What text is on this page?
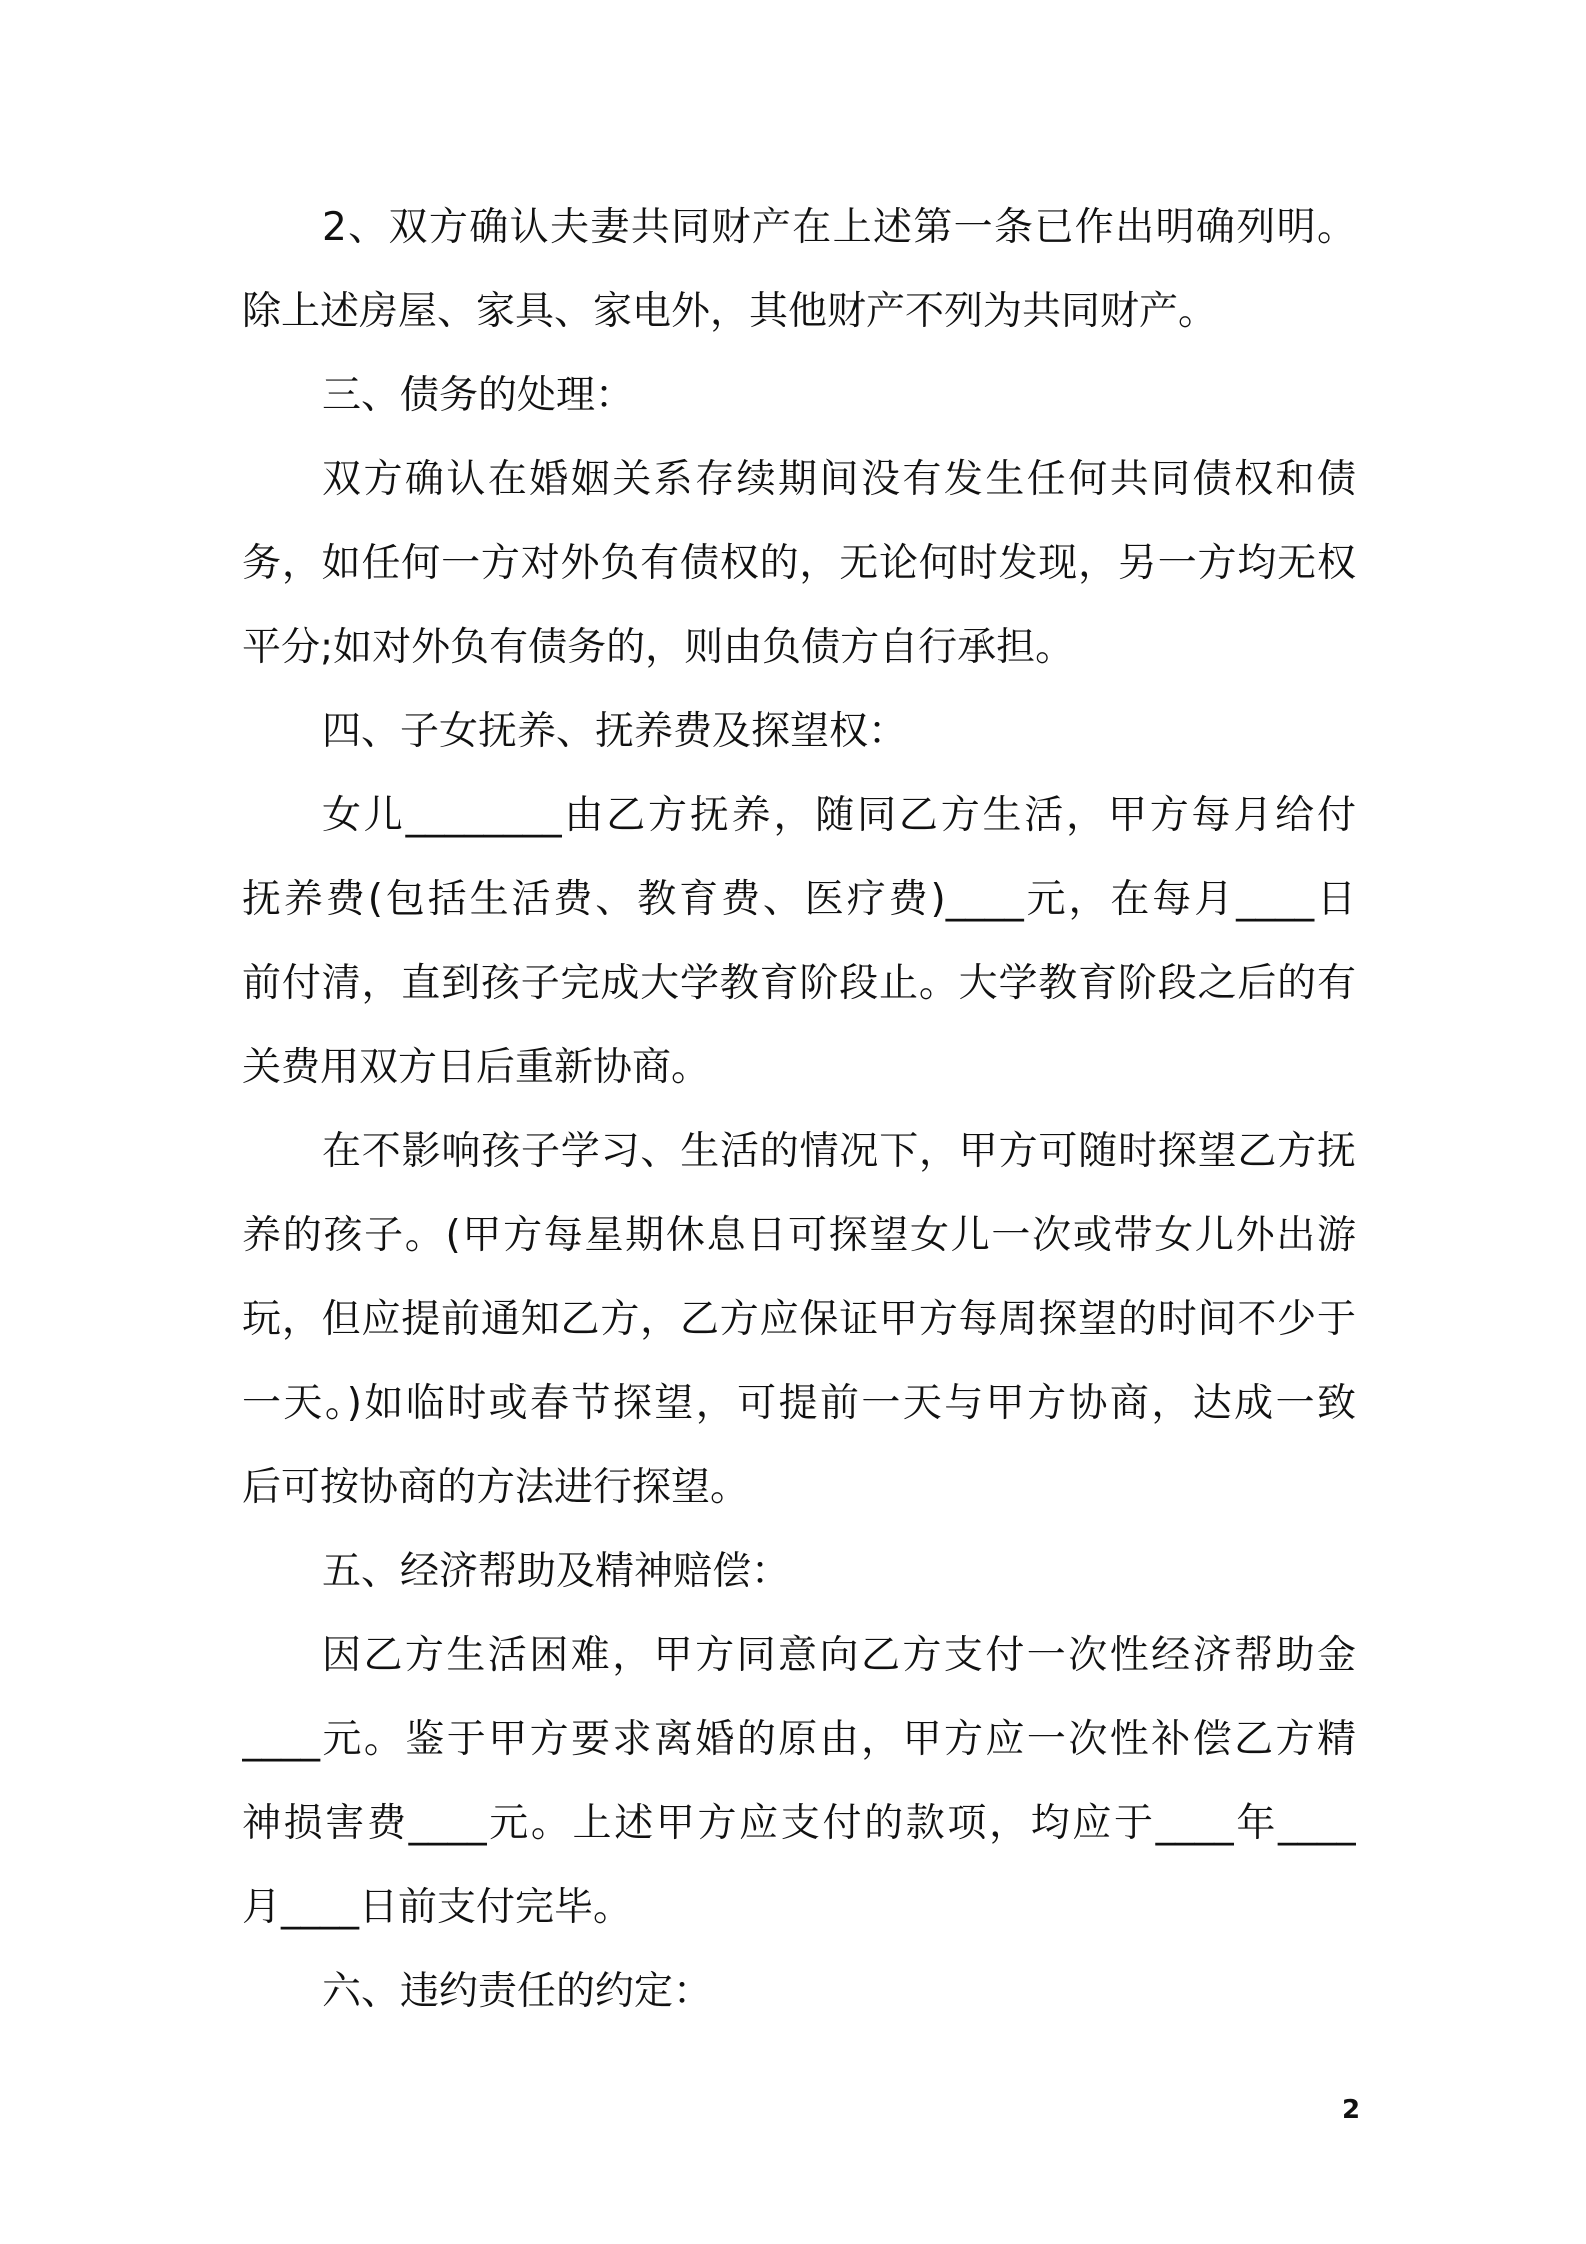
2、双方确认夫妻共同财产在上述第一条已作出明确列明。
除上述房屋、家具、家电外，其他财产不列为共同财产。
三、债务的处理：
双方确认在婚姻关系存续期间没有发生任何共同债权和债
务，如任何一方对外负有债权的，无论何时发现，另一方均无权
平分;如对外负有债务的，则由负债方自行承担。
四、子女抚养、抚养费及探望权：
女儿________由乙方抚养，随同乙方生活，甲方每月给付
抚养费(包括生活费、教育费、医疗费)____元，在每月____日
前付清，直到孩子完成大学教育阶段止。大学教育阶段之后的有
关费用双方日后重新协商。
在不影响孩子学习、生活的情况下，甲方可随时探望乙方抚
养的孩子。(甲方每星期休息日可探望女儿一次或带女儿外出游
玩，但应提前通知乙方，乙方应保证甲方每周探望的时间不少于
一天。)如临时或春节探望，可提前一天与甲方协商，达成一致
后可按协商的方法进行探望。
五、经济帮助及精神赔偿：
因乙方生活困难，甲方同意向乙方支付一次性经济帮助金
____元。鉴于甲方要求离婚的原由，甲方应一次性补偿乙方精
神损害费____元。上述甲方应支付的款项，均应于____年____
月____日前支付完毕。
六、违约责任的约定：
2
